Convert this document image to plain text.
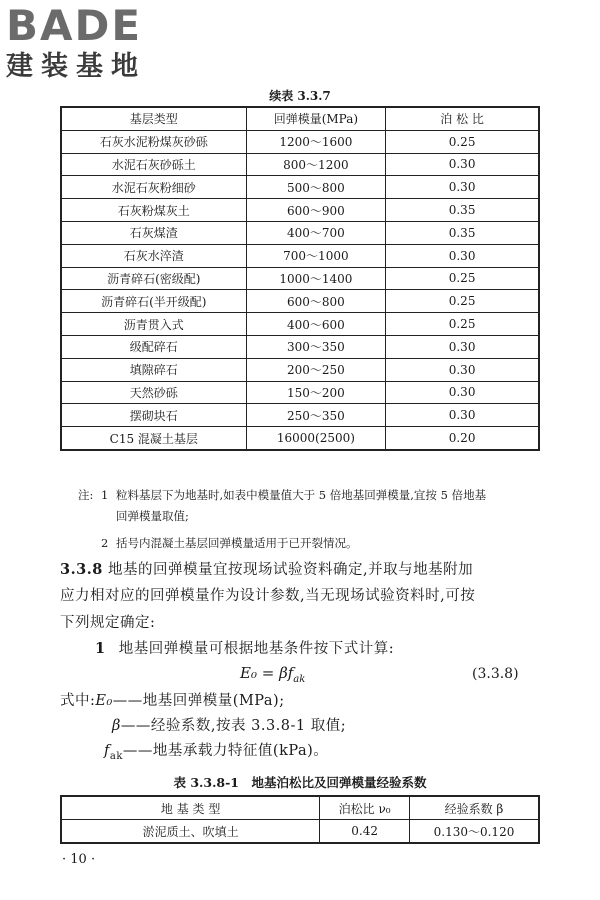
BADE
建装基地
续表 3.3.7
基层类型	回弹模量(MPa)	泊 松 比
石灰水泥粉煤灰砂砾	1200～1600	0.25
水泥石灰砂砾土	800～1200	0.30
水泥石灰粉细砂	500～800	0.30
石灰粉煤灰土	600～900	0.35
石灰煤渣	400～700	0.35
石灰水淬渣	700～1000	0.30
沥青碎石(密级配)	1000～1400	0.25
沥青碎石(半开级配)	600～800	0.25
沥青贯入式	400～600	0.25
级配碎石	300～350	0.30
填隙碎石	200～250	0.30
天然砂砾	150～200	0.30
摆砌块石	250～350	0.30
C15 混凝土基层	16000(2500)	0.20
注: 1 粒料基层下为地基时,如表中模量值大于 5 倍地基回弹模量,宜按 5 倍地基
回弹模量取值;
2 括号内混凝土基层回弹模量适用于已开裂情况。
3.3.8 地基的回弹模量宜按现场试验资料确定,并取与地基附加
应力相对应的回弹模量作为设计参数,当无现场试验资料时,可按
下列规定确定:
1 地基回弹模量可根据地基条件按下式计算:
$E_0 = \beta f_{ak}$	(3.3.8)
式中:E₀——地基回弹模量(MPa);
β——经验系数,按表 3.3.8-1 取值;
$f_{ak}——$地基承载力特征值(kPa)。
表 3.3.8-1　地基泊松比及回弹模量经验系数
地 基 类 型	泊松比 ν₀	经验系数 β
淤泥质土、吹填土	0.42	0.130～0.120
· 10 ·
